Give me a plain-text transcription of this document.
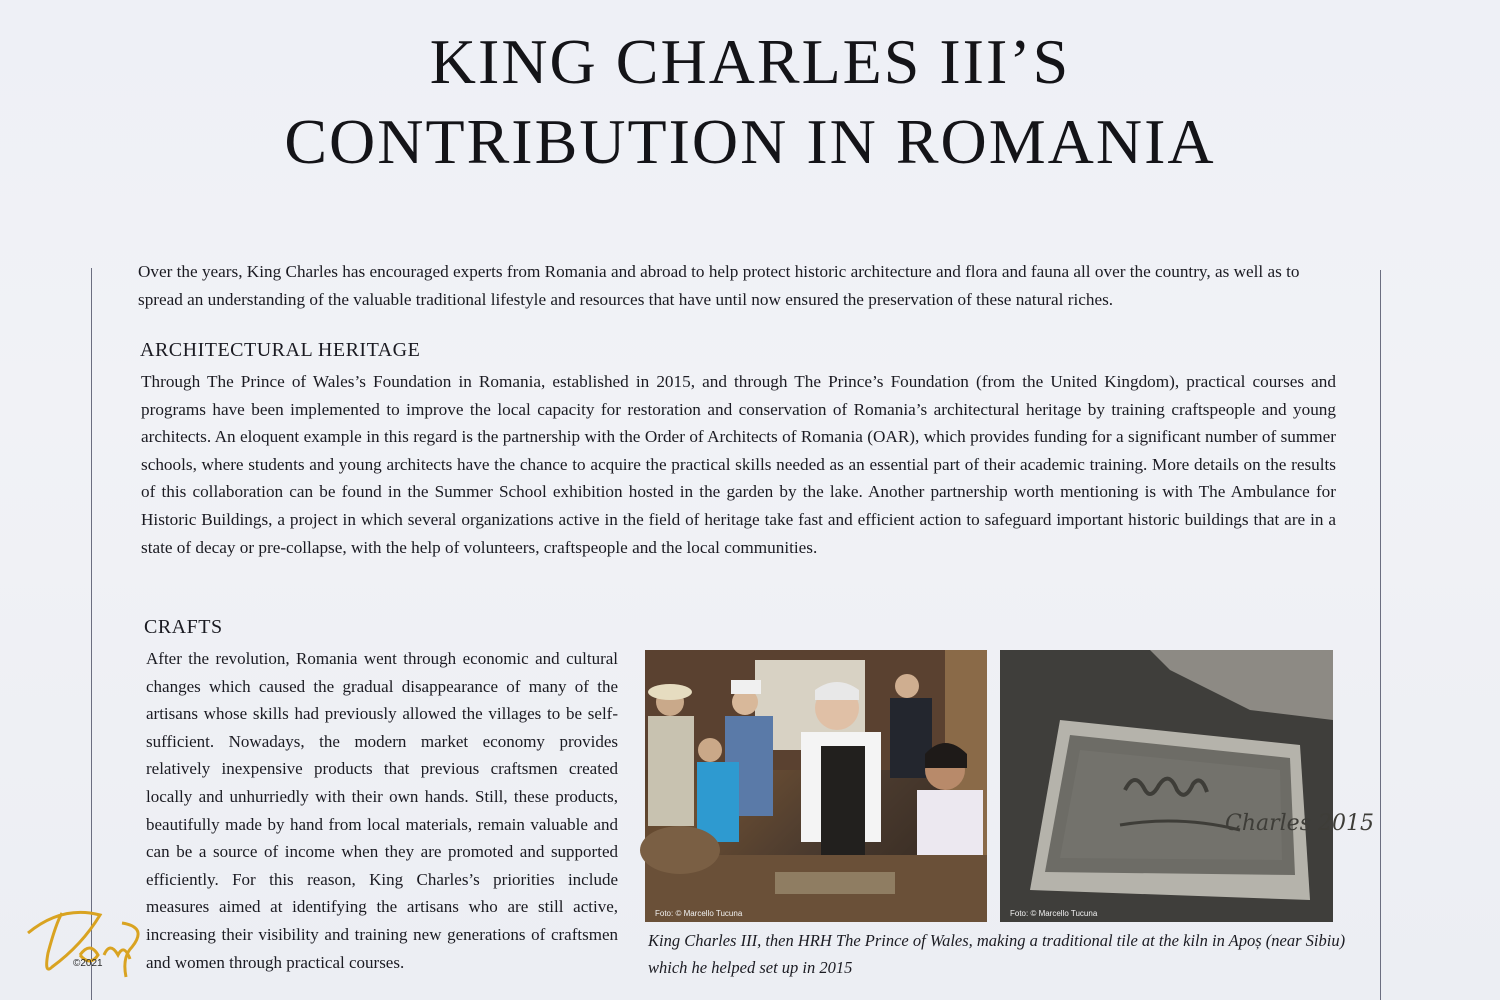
KING CHARLES III’S
CONTRIBUTION IN ROMANIA

Over the years, King Charles has encouraged experts from Romania and abroad to help protect historic architecture and flora and fauna all over the country, as well as to spread an understanding of the valuable traditional lifestyle and resources that have until now ensured the preservation of these natural riches.

ARCHITECTURAL HERITAGE

Through The Prince of Wales’s Foundation in Romania, established in 2015, and through The Prince’s Foundation (from the United Kingdom), practical courses and programs have been implemented to improve the local capacity for restoration and conservation of Romania’s architectural heritage by training craftspeople and young architects. An eloquent example in this regard is the partnership with the Order of Architects of Romania (OAR), which provides funding for a significant number of summer schools, where students and young architects have the chance to acquire the practical skills needed as an essential part of their academic training. More details on the results of this collaboration can be found in the Summer School exhibition hosted in the garden by the lake. Another partnership worth mentioning is with The Ambulance for Historic Buildings, a project in which several organizations active in the field of heritage take fast and efficient action to safeguard important historic buildings that are in a state of decay or pre-collapse, with the help of volunteers, craftspeople and the local communities.

CRAFTS

After the revolution, Romania went through economic and cultural changes which caused the gradual disappearance of many of the artisans whose skills had previously allowed the villages to be self-sufficient. Nowadays, the modern market economy provides relatively inexpensive products that previous craftsmen created locally and unhurriedly with their own hands. Still, these products, beautifully made by hand from local materials, remain valuable and can be a source of income when they are promoted and supported efficiently. For this reason, King Charles’s priorities include measures aimed at identifying the artisans who are still active, increasing their visibility and training new generations of craftsmen and women through practical courses.

Foto: © Marcello Tucuna
Charles 2015
Foto: © Marcello Tucuna

King Charles III, then HRH The Prince of Wales, making a traditional tile at the kiln in Apoș (near Sibiu) which he helped set up in 2015

©2021
